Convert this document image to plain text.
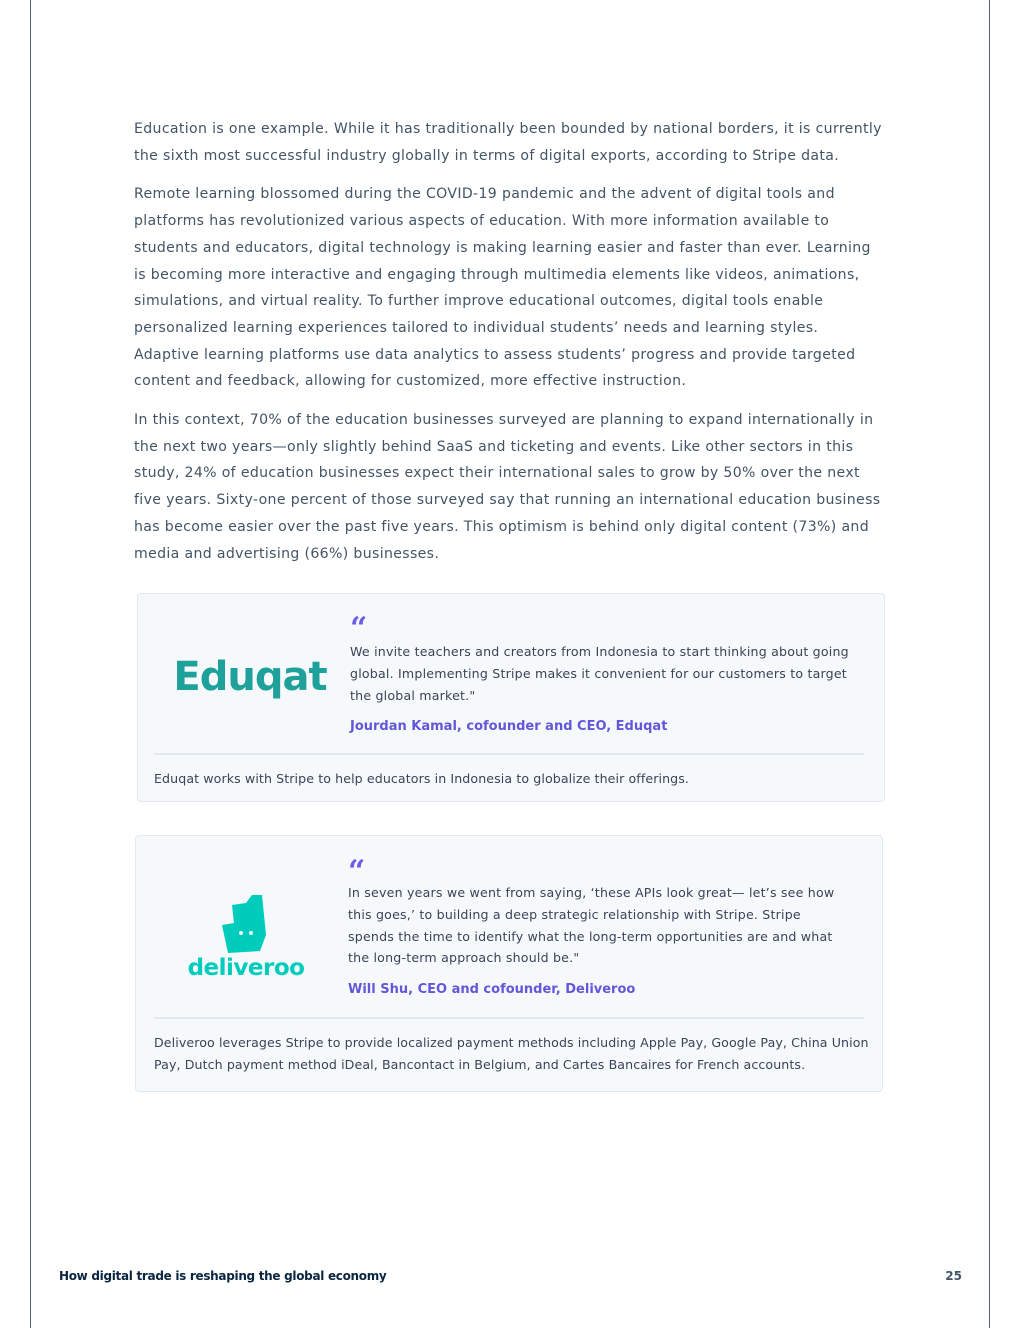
Education is one example. While it has traditionally been bounded by national borders, it is currently the sixth most successful industry globally in terms of digital exports, according to Stripe data.

Remote learning blossomed during the COVID-19 pandemic and the advent of digital tools and platforms has revolutionized various aspects of education. With more information available to students and educators, digital technology is making learning easier and faster than ever. Learning is becoming more interactive and engaging through multimedia elements like videos, animations, simulations, and virtual reality. To further improve educational outcomes, digital tools enable personalized learning experiences tailored to individual students’ needs and learning styles. Adaptive learning platforms use data analytics to assess students’ progress and provide targeted content and feedback, allowing for customized, more effective instruction.

In this context, 70% of the education businesses surveyed are planning to expand internationally in the next two years—only slightly behind SaaS and ticketing and events. Like other sectors in this study, 24% of education businesses expect their international sales to grow by 50% over the next five years. Sixty-one percent of those surveyed say that running an international education business has become easier over the past five years. This optimism is behind only digital content (73%) and media and advertising (66%) businesses.

Eduqat
“
We invite teachers and creators from Indonesia to start thinking about going global. Implementing Stripe makes it convenient for our customers to target the global market."
Jourdan Kamal, cofounder and CEO, Eduqat
Eduqat works with Stripe to help educators in Indonesia to globalize their offerings.
deliveroo
“
In seven years we went from saying, ‘these APIs look great— let’s see how this goes,’ to building a deep strategic relationship with Stripe. Stripe spends the time to identify what the long-term opportunities are and what the long-term approach should be."
Will Shu, CEO and cofounder, Deliveroo
Deliveroo leverages Stripe to provide localized payment methods including Apple Pay, Google Pay, China Union Pay, Dutch payment method iDeal, Bancontact in Belgium, and Cartes Bancaires for French accounts.
How digital trade is reshaping the global economy	25
